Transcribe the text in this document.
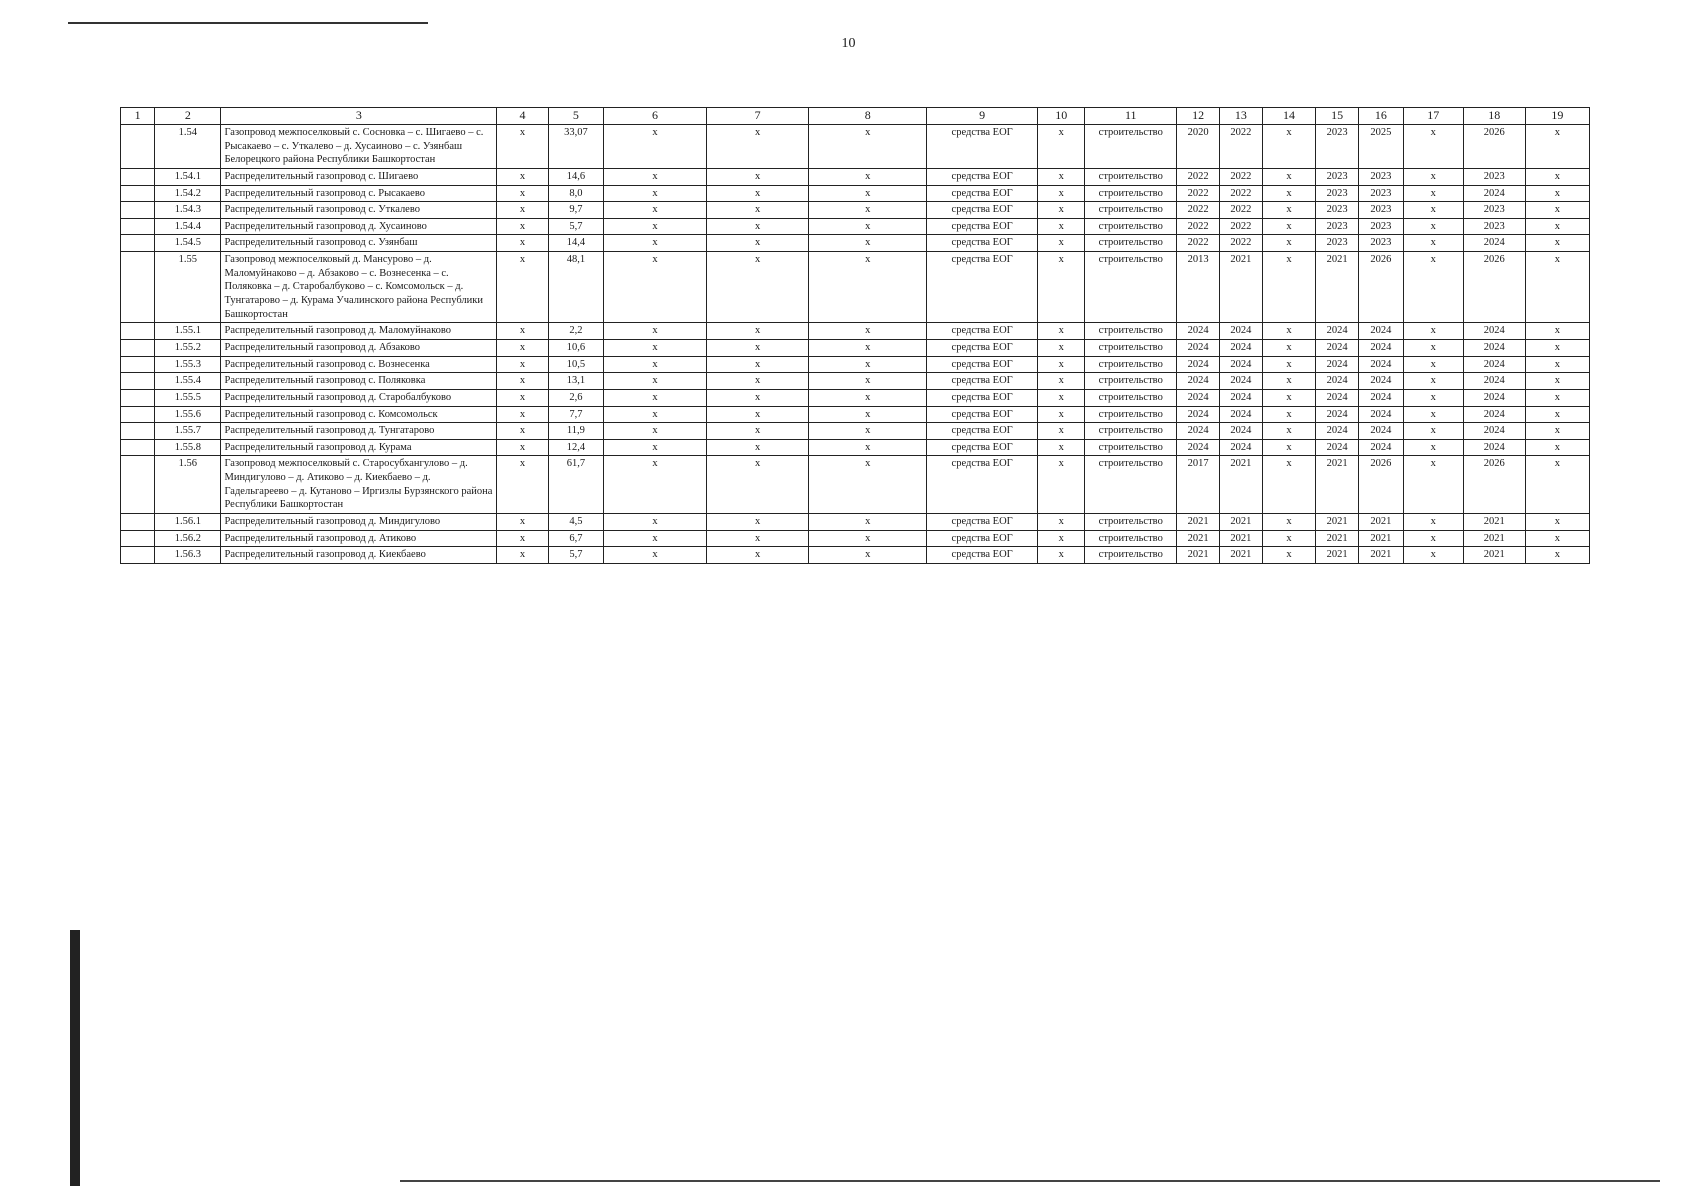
10
1	2	3	4	5	6	7	8	9	10	11	12	13	14	15	16	17	18	19
	1.54	Газопровод межпоселковый с. Сосновка – с. Шигаево – с. Рысакаево – с. Уткалево – д. Хусаиново – с. Узянбаш Белорецкого района Республики Башкортостан	x	33,07	x	x	x	средства ЕОГ	x	строительство	2020	2022	x	2023	2025	x	2026	x
	1.54.1	Распределительный газопровод с. Шигаево	x	14,6	x	x	x	средства ЕОГ	x	строительство	2022	2022	x	2023	2023	x	2023	x
	1.54.2	Распределительный газопровод с. Рысакаево	x	8,0	x	x	x	средства ЕОГ	x	строительство	2022	2022	x	2023	2023	x	2024	x
	1.54.3	Распределительный газопровод с. Уткалево	x	9,7	x	x	x	средства ЕОГ	x	строительство	2022	2022	x	2023	2023	x	2023	x
	1.54.4	Распределительный газопровод д. Хусаиново	x	5,7	x	x	x	средства ЕОГ	x	строительство	2022	2022	x	2023	2023	x	2023	x
	1.54.5	Распределительный газопровод с. Узянбаш	x	14,4	x	x	x	средства ЕОГ	x	строительство	2022	2022	x	2023	2023	x	2024	x
	1.55	Газопровод межпоселковый д. Мансурово – д. Маломуйнаково – д. Абзаково – с. Вознесенка – с. Поляковка – д. Старобалбуково – с. Комсомольск – д. Тунгатарово – д. Курама Учалинского района Республики Башкортостан	x	48,1	x	x	x	средства ЕОГ	x	строительство	2013	2021	x	2021	2026	x	2026	x
	1.55.1	Распределительный газопровод д. Маломуйнаково	x	2,2	x	x	x	средства ЕОГ	x	строительство	2024	2024	x	2024	2024	x	2024	x
	1.55.2	Распределительный газопровод д. Абзаково	x	10,6	x	x	x	средства ЕОГ	x	строительство	2024	2024	x	2024	2024	x	2024	x
	1.55.3	Распределительный газопровод с. Вознесенка	x	10,5	x	x	x	средства ЕОГ	x	строительство	2024	2024	x	2024	2024	x	2024	x
	1.55.4	Распределительный газопровод с. Поляковка	x	13,1	x	x	x	средства ЕОГ	x	строительство	2024	2024	x	2024	2024	x	2024	x
	1.55.5	Распределительный газопровод д. Старобалбуково	x	2,6	x	x	x	средства ЕОГ	x	строительство	2024	2024	x	2024	2024	x	2024	x
	1.55.6	Распределительный газопровод с. Комсомольск	x	7,7	x	x	x	средства ЕОГ	x	строительство	2024	2024	x	2024	2024	x	2024	x
	1.55.7	Распределительный газопровод д. Тунгатарово	x	11,9	x	x	x	средства ЕОГ	x	строительство	2024	2024	x	2024	2024	x	2024	x
	1.55.8	Распределительный газопровод д. Курама	x	12,4	x	x	x	средства ЕОГ	x	строительство	2024	2024	x	2024	2024	x	2024	x
	1.56	Газопровод межпоселковый с. Старосубхангулово – д. Миндигулово – д. Атиково – д. Киекбаево – д. Гадельгареево – д. Кутаново – Иргизлы Бурзянского района Республики Башкортостан	x	61,7	x	x	x	средства ЕОГ	x	строительство	2017	2021	x	2021	2026	x	2026	x
	1.56.1	Распределительный газопровод д. Миндигулово	x	4,5	x	x	x	средства ЕОГ	x	строительство	2021	2021	x	2021	2021	x	2021	x
	1.56.2	Распределительный газопровод д. Атиково	x	6,7	x	x	x	средства ЕОГ	x	строительство	2021	2021	x	2021	2021	x	2021	x
	1.56.3	Распределительный газопровод д. Киекбаево	x	5,7	x	x	x	средства ЕОГ	x	строительство	2021	2021	x	2021	2021	x	2021	x
